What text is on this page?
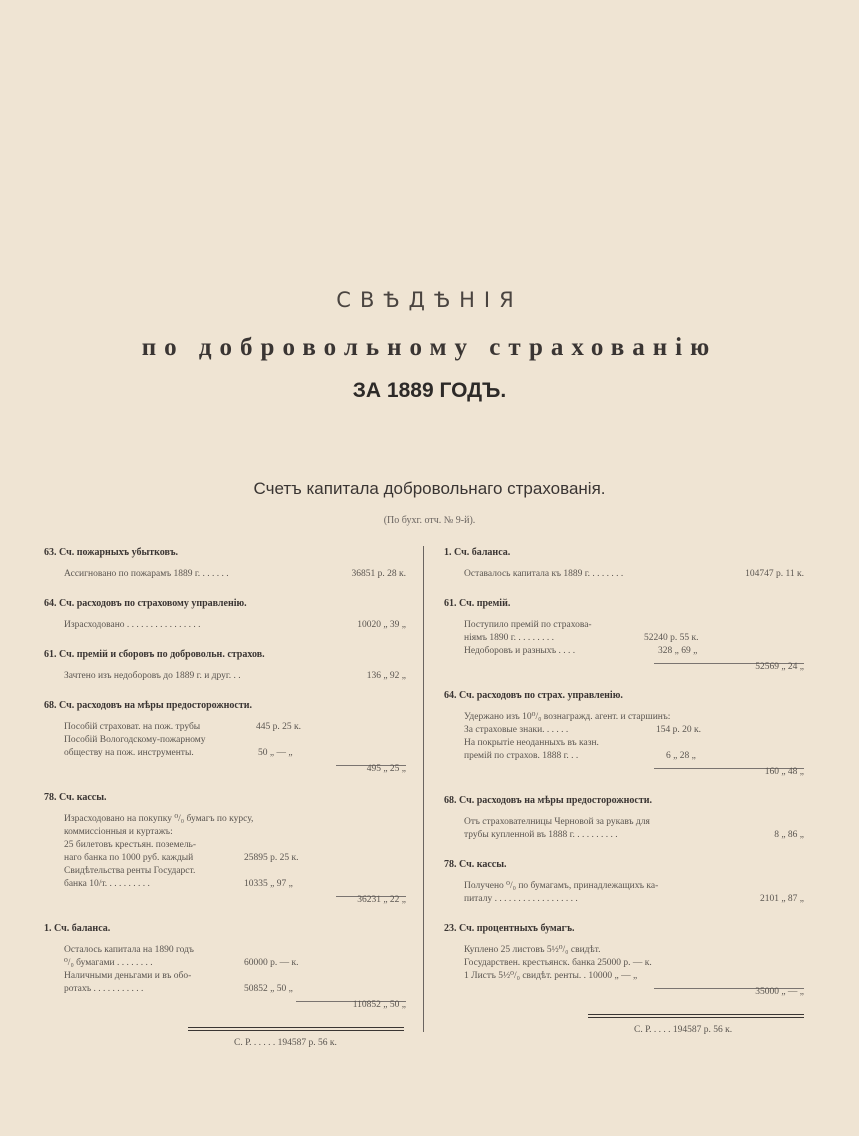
СВѢДѢНІЯ
по добровольному страхованію
ЗА 1889 ГОДЪ.
Счетъ капитала добровольнаго страхованія.
(По бухг. отч. № 9-й).
63. Сч. пожарныхъ убытковъ.
Ассигновано по пожарамъ 1889 г. . . . . . .	36851 р. 28 к.
64. Сч. расходовъ по страховому управленію.
Израсходовано . . . . . . . . . . . . . . . .	10020 „ 39 „
61. Сч. премій и сборовъ по добровольн. страхов.
Зачтено изъ недоборовъ до 1889 г. и друг. . .	136 „ 92 „
68. Сч. расходовъ на мѣры предосторожности.
Пособій страховат. на пож. трубы	445 р. 25 к.
Пособій Вологодскому-пожарному
обществу на пож. инструменты.	50 „ — „
495 „ 25 „
78. Сч. кассы.
Израсходовано на покупку ⁰/₀ бумагъ по курсу,
коммиссіонныя и куртажъ:
25 билетовъ крестьян. поземель-
наго банка по 1000 руб. каждый	25895 р. 25 к.
Свидѣтельства ренты Государст.
банка 10/т. . . . . . . . . .	10335 „ 97 „
36231 „ 22 „
1. Сч. баланса.
Осталось капитала на 1890 годъ
⁰/₀ бумагами . . . . . . . .	60000 р. — к.
Наличными деньгами и въ обо-
ротахъ . . . . . . . . . . .	50852 „ 50 „
110852 „ 50 „
С. Р. . . . . . 194587 р. 56 к.
1. Сч. баланса.
Оставалось капитала къ 1889 г. . . . . . . .	104747 р. 11 к.
61. Сч. премій.
Поступило премій по страхова-
ніямъ 1890 г. . . . . . . . .	52240 р. 55 к.
Недоборовъ и разныхъ . . . .	328 „ 69 „
52569 „ 24 „
64. Сч. расходовъ по страх. управленію.
Удержано изъ 10⁰/₀ вознагражд. агент. и старшинъ:
За страховые знаки. . . . . .	154 р. 20 к.
На покрытіе неоданныхъ въ казн.
премій по страхов. 1888 г. . .	6 „ 28 „
160 „ 48 „
68. Сч. расходовъ на мѣры предосторожности.
Отъ страхователницы Черновой за рукавъ для
трубы купленной въ 1888 г. . . . . . . . . .	8 „ 86 „
78. Сч. кассы.
Получено ⁰/₀ по бумагамъ, принадлежащихъ ка-
питалу . . . . . . . . . . . . . . . . . .	2101 „ 87 „
23. Сч. процентныхъ бумагъ.
Куплено 25 листовъ 5½⁰/₀ свидѣт.
Государствен. крестьянск. банка 25000 р. — к.
1 Листъ 5½⁰/₀ свидѣт. ренты. . 10000 „ — „
35000 „ — „
С. Р. . . . . 194587 р. 56 к.
